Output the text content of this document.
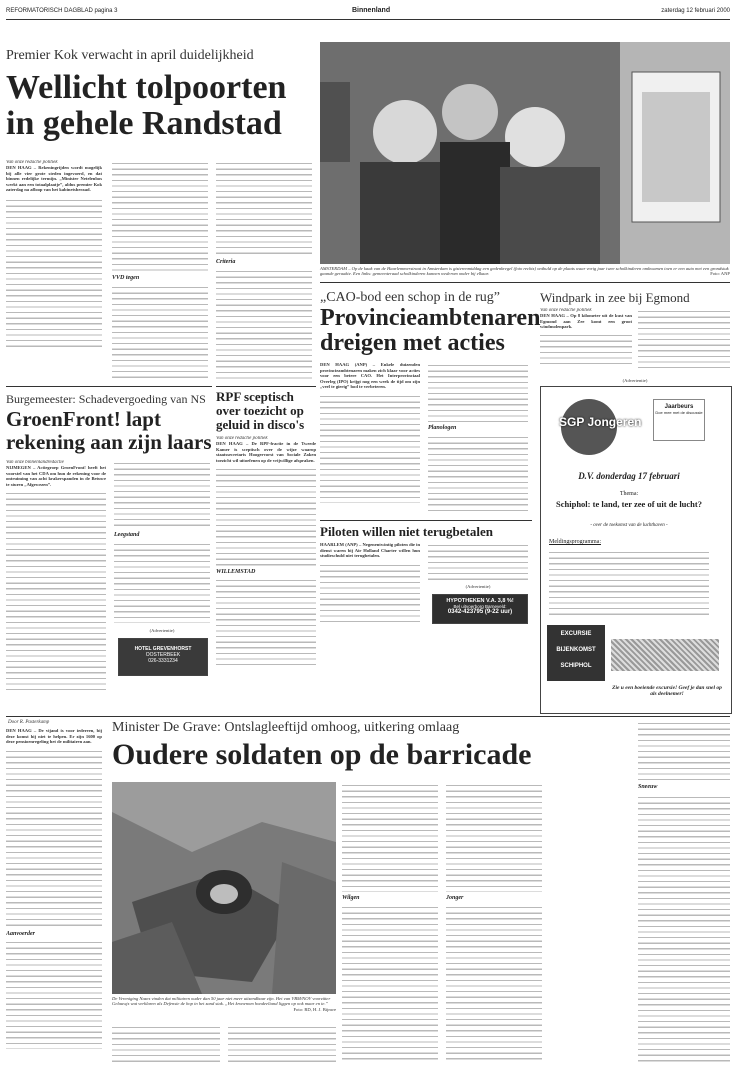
REFORMATORISCH DAGBLAD pagina 3	Binnenland	zaterdag 12 februari 2000
Premier Kok verwacht in april duidelijkheid
Wellicht tolpoorten
in gehele Randstad
Van onze redactie politiek
DEN HAAG – Rekeningrijden wordt mogelijk bij alle vier grote steden ingevoerd, en dat binnen redelijke termijn. „Minister Netelenbos werkt aan een totaalplaatje”, aldus premier Kok zaterdag na afloop van het kabinetsberaad.
VVD tegen
Criteria
AMSTERDAM – Op de kaak van de Haarlemmerstraat in Amsterdam is gisterenmiddag een gedenkregel (foto rechts) onthuld op de plaats waar vorig jaar twee scholkinderen omkwamen toen er een auto met een grondstuk gaande geraakte. Een links: gemeenteraad scholkinderen kunnen wederom onder bij elkaar.	Foto: ANP
Burgemeester: Schadevergoeding van NS
GroenFront! lapt
rekening aan zijn laars
Van onze binnenlandredactie
NIJMEGEN – Actiegroep GroenFront! heeft het voorstel van het CDA om hun de rekening voor de ontruiming van acht krakerspanden in de Betuwe te sturen „Afgewezen”.
Leegstand
(Advertentie)
HOTEL GREVENHORST
OOSTERBEEK
026-3331234
RPF sceptisch
over toezicht op
geluid in disco's
Van onze redactie politiek
DEN HAAG – De RPF-fractie in de Tweede Kamer is sceptisch over de wijze waarop staatssecretaris Hoogervorst van Sociale Zaken toezicht wil uitoefenen op de vrijwillige afspraken.
WILLEMSTAD
„CAO-bod een schop in de rug”
Provincieambtenaren
dreigen met acties
DEN HAAG (ANP) – Enkele duizenden provincieambtenaren maken zich klaar voor acties voor een betere CAO. Het Interprovinciaal Overleg (IPO) krijgt nog een week de tijd om zijn „veel te gierig” bod te verbeteren.
Planologen
Piloten willen niet terugbetalen
HAARLEM (ANP) – Negenentwintig piloten die in dienst waren bij Air Holland Charter willen hun studieschuld niet terugbetalen.
(Advertentie)
HYPOTHEKEN V.A. 3,8 %!
Bel uitvoerborg Barneveld:
0342-423795 (9-22 uur)
Windpark in zee bij Egmond
Van onze redactie politiek
DEN HAAG – Op 8 kilometer uit de kust van Egmond aan Zee komt een groot windmolenpark.
(Advertentie)
SGP Jongeren
Jaarbeurs
Doe mee met de discussie
D.V. donderdag 17 februari
Thema:
Schiphol: te land, ter zee of uit de lucht?
- over de toekomst van de luchthaven -
Meldingsprogramma:
EXCURSIE
BIJENKOMST
SCHIPHOL
Zie u een boeiende excursie! Geef je dan snel op als deelnemer!
Door R. Pasterkamp
DEN HAAG – De vijand is voor iedereen, bij deze komst hij niet te helpen. Er zijn 1600 op deze pensioenregeling het de militairen aan.
Aanvoerder
Minister De Grave: Ontslagleeftijd omhoog, uitkering omlaag
Oudere soldaten op de barricade
De Vereniging Nazes vinden dat militairen ouder dan 50 jaar niet meer uitzendbaar zijn. Het van VBM/NOV voorzitter Gelauwjs wat verklaren als Defensie de hop in het zand stak. „Het kronenom hondeeliand liggen op ook maar en te.”
Foto: RD, H. J. Bijnwe
Wilgen	Jonger
Sneeuw
